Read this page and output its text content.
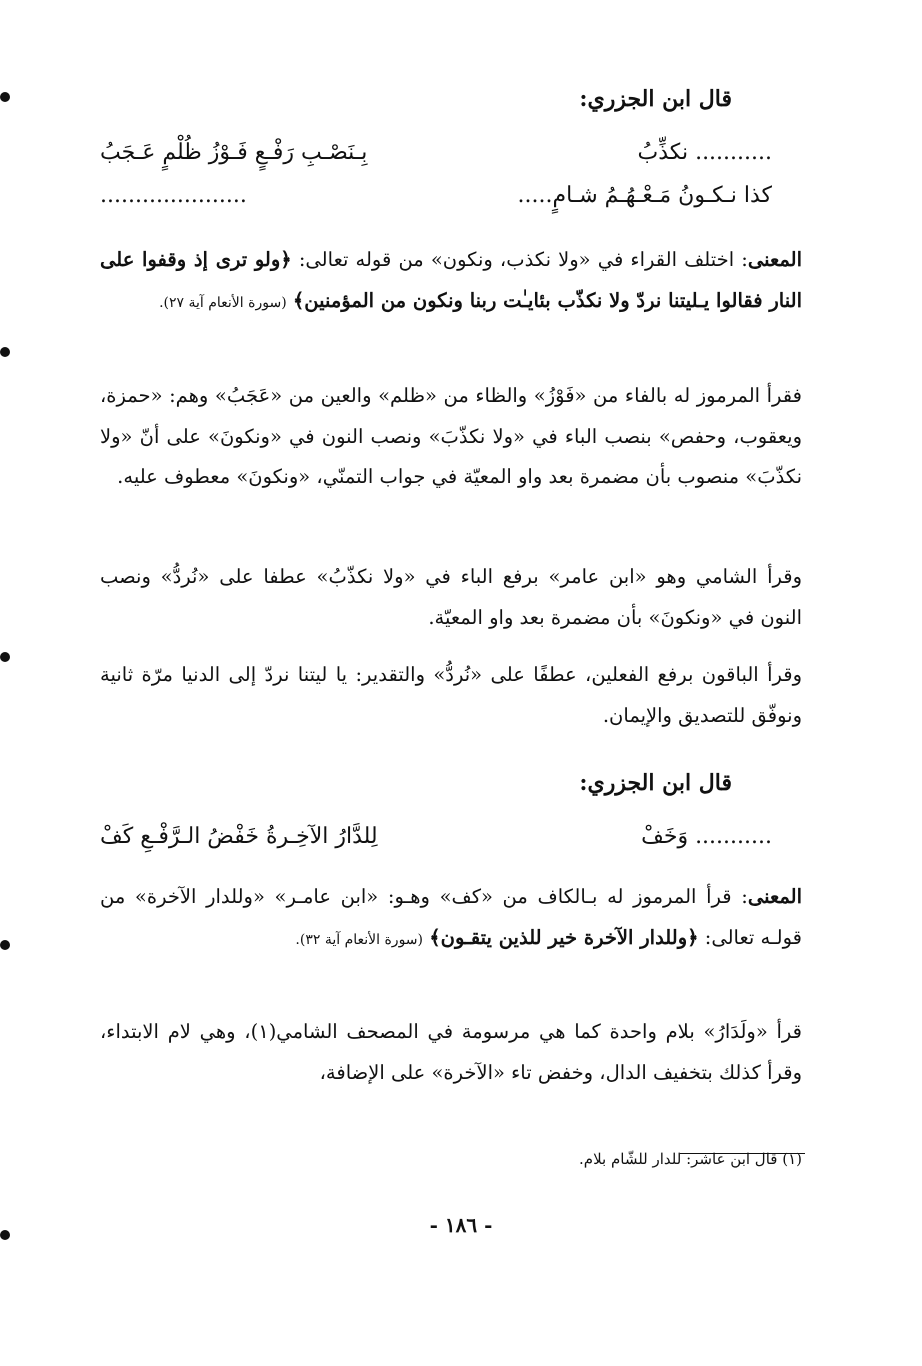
قال ابن الجزري:
........... نكذِّبُ
بِـنَصْـبِ رَفْـعٍ فَـوْزُ ظُلْمٍ عَـجَبُ
كذا نـكـونُ مَـعْـهُـمُ شـامٍ.....
.....................
المعنى: اختلف القراء في «ولا نكذب، ونكون» من قوله تعالى: ﴿ولو ترى إذ وقفوا على النار فقالوا يـليتنا نردّ ولا نكذّب بئايـٰت ربنا ونكون من المؤمنين﴾ (سورة الأنعام آية ٢٧).
فقرأ المرموز له بالفاء من «فَوْزُ» والظاء من «ظلم» والعين من «عَجَبُ» وهم: «حمزة، ويعقوب، وحفص» بنصب الباء في «ولا نكذّبَ» ونصب النون في «ونكونَ» على أنّ «ولا نكذّبَ» منصوب بأن مضمرة بعد واو المعيّة في جواب التمنّي، «ونكونَ» معطوف عليه.
وقرأ الشامي وهو «ابن عامر» برفع الباء في «ولا نكذّبُ» عطفا على «نُردُّ» ونصب النون في «ونكونَ» بأن مضمرة بعد واو المعيّة.
وقرأ الباقون برفع الفعلين، عطفًا على «نُردُّ» والتقدير: يا ليتنا نردّ إلى الدنيا مرّة ثانية ونوفّق للتصديق والإيمان.
قال ابن الجزري:
........... وَخَفْ
لِلدَّارُ الآخِـرةُ خَفْضُ الـرَّفْـعِ كَفْ
المعنى: قرأ المرموز له بـالكاف من «كف» وهـو: «ابن عامـر» «وللدار الآخرة» من قولـه تعالى: ﴿وللدار الآخرة خير للذين يتقـون﴾ (سورة الأنعام آية ٣٢).
قرأ «ولَدَارُ» بلام واحدة كما هي مرسومة في المصحف الشامي(١)، وهي لام الابتداء، وقرأ كذلك بتخفيف الدال، وخفض تاء «الآخرة» على الإضافة،
(١) قال ابن عاشر: للدار للشّام بلام.
- ١٨٦ -
